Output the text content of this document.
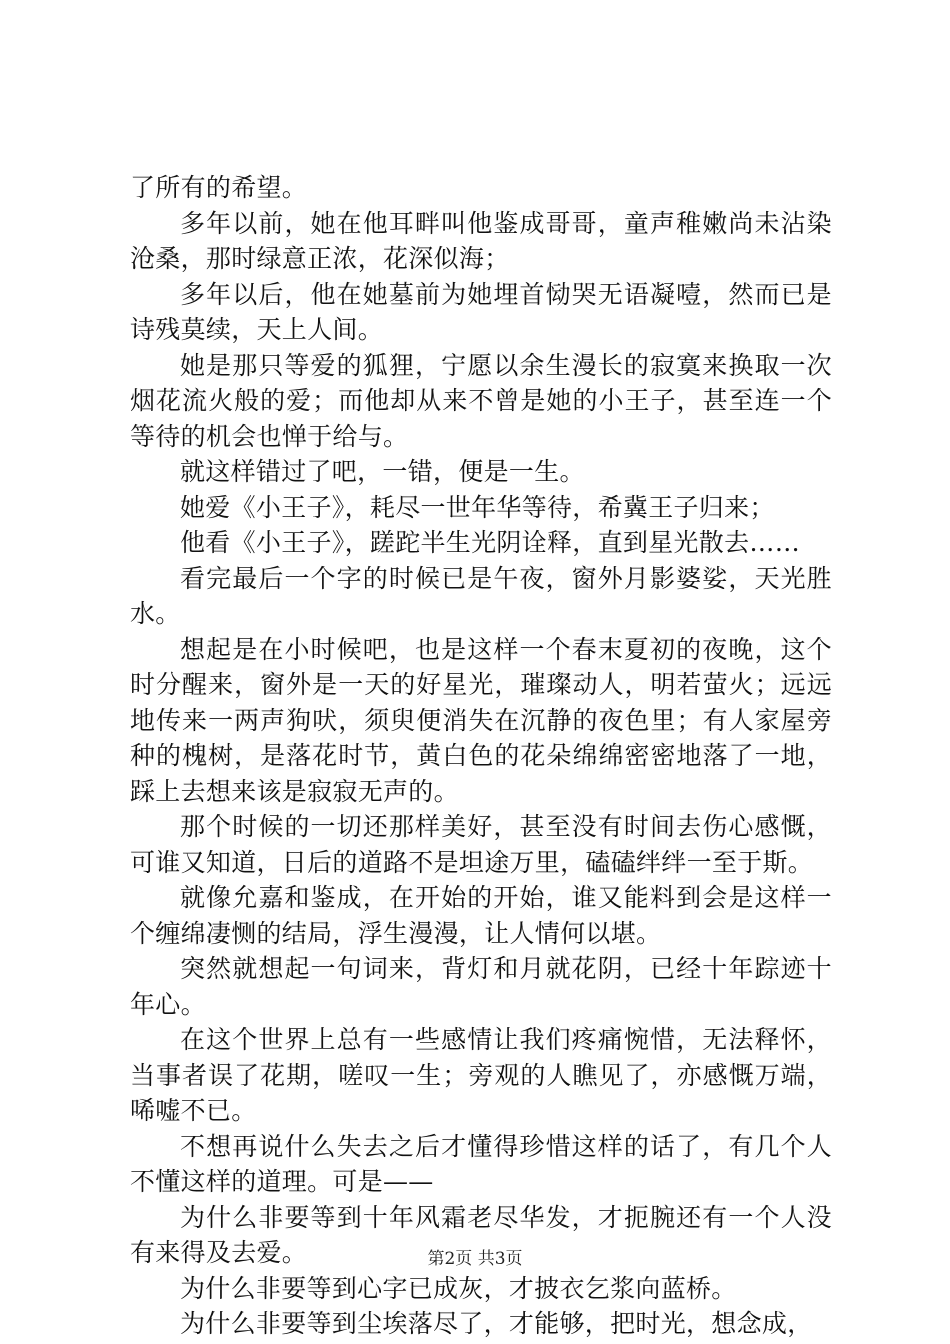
了所有的希望。

多年以前，她在他耳畔叫他鉴成哥哥，童声稚嫩尚未沾染沧桑，那时绿意正浓，花深似海；

多年以后，他在她墓前为她埋首恸哭无语凝噎，然而已是诗残莫续，天上人间。

她是那只等爱的狐狸，宁愿以余生漫长的寂寞来换取一次烟花流火般的爱；而他却从来不曾是她的小王子，甚至连一个等待的机会也惮于给与。

就这样错过了吧，一错，便是一生。

她爱《小王子》，耗尽一世年华等待，希冀王子归来；

他看《小王子》，蹉跎半生光阴诠释，直到星光散去……

看完最后一个字的时候已是午夜，窗外月影婆娑，天光胜水。

想起是在小时候吧，也是这样一个春末夏初的夜晚，这个时分醒来，窗外是一天的好星光，璀璨动人，明若萤火；远远地传来一两声狗吠，须臾便消失在沉静的夜色里；有人家屋旁种的槐树，是落花时节，黄白色的花朵绵绵密密地落了一地，踩上去想来该是寂寂无声的。

那个时候的一切还那样美好，甚至没有时间去伤心感慨，可谁又知道，日后的道路不是坦途万里，磕磕绊绊一至于斯。

就像允嘉和鉴成，在开始的开始，谁又能料到会是这样一个缠绵凄恻的结局，浮生漫漫，让人情何以堪。

突然就想起一句词来，背灯和月就花阴，已经十年踪迹十年心。

在这个世界上总有一些感情让我们疼痛惋惜，无法释怀，当事者误了花期，嗟叹一生；旁观的人瞧见了，亦感慨万端，唏嘘不已。

不想再说什么失去之后才懂得珍惜这样的话了，有几个人不懂这样的道理。可是——

为什么非要等到十年风霜老尽华发，才扼腕还有一个人没有来得及去爱。

为什么非要等到心字已成灰，才披衣乞浆向蓝桥。

为什么非要等到尘埃落尽了，才能够，把时光，想念成，

第2页 共3页
